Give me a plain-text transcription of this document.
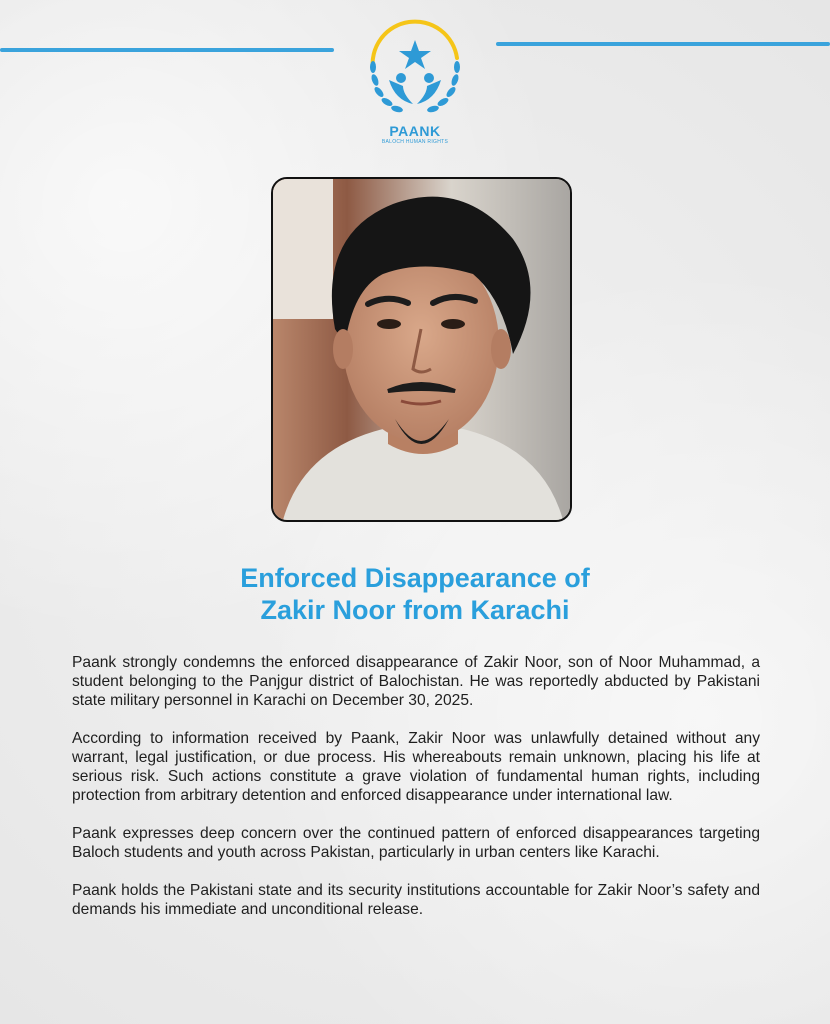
PAANK
BALOCH HUMAN RIGHTS
Enforced Disappearance of
Zakir Noor from Karachi

Paank strongly condemns the enforced disappearance of Zakir Noor, son of Noor Muhammad, a student belonging to the Panjgur district of Balochistan. He was reportedly abducted by Pakistani state military personnel in Karachi on December 30, 2025.

According to information received by Paank, Zakir Noor was unlawfully detained without any warrant, legal justification, or due process. His whereabouts remain unknown, placing his life at serious risk. Such actions constitute a grave violation of fundamental human rights, including protection from arbitrary detention and enforced disappearance under international law.

Paank expresses deep concern over the continued pattern of enforced disappearances targeting Baloch students and youth across Pakistan, particularly in urban centers like Karachi.

Paank holds the Pakistani state and its security institutions accountable for Zakir Noor’s safety and demands his immediate and unconditional release.
